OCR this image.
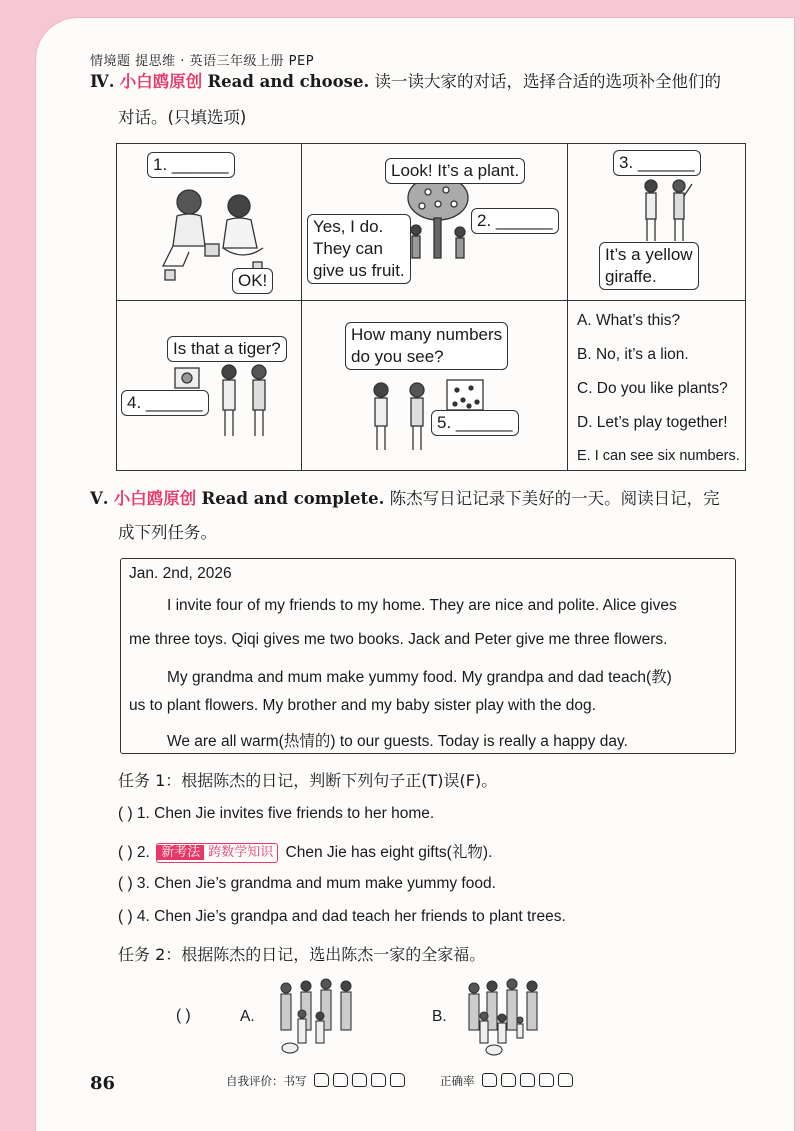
情境题 提思维 · 英语三年级上册 PEP
Ⅳ. 小白鸥原创 Read and choose. 读一读大家的对话，选择合适的选项补全他们的
对话。(只填选项)
1. ______
OK!
Look! It’s a plant.
Yes, I do.
They can
give us fruit.
2. ______
3. ______
It’s a yellow
giraffe.
Is that a tiger?
4. ______
How many numbers
do you see?
5. ______
A. What’s this?
B. No, it’s a lion.
C. Do you like plants?
D. Let’s play together!
E. I can see six numbers.
Ⅴ. 小白鸥原创 Read and complete. 陈杰写日记记录下美好的一天。阅读日记，完
成下列任务。
Jan. 2nd, 2026
I invite four of my friends to my home. They are nice and polite. Alice gives
me three toys. Qiqi gives me two books. Jack and Peter give me three flowers.
My grandma and mum make yummy food. My grandpa and dad teach(教)
us to plant flowers. My brother and my baby sister play with the dog.
We are all warm(热情的) to our guests. Today is really a happy day.
任务 1：根据陈杰的日记，判断下列句子正(T)误(F)。
( ) 1. Chen Jie invites five friends to her home.
( ) 2. 新考法 跨数学知识 Chen Jie has eight gifts(礼物).
( ) 3. Chen Jie’s grandma and mum make yummy food.
( ) 4. Chen Jie’s grandpa and dad teach her friends to plant trees.
任务 2：根据陈杰的日记，选出陈杰一家的全家福。
( )	A.	B.
86	自我评价：书写	正确率
